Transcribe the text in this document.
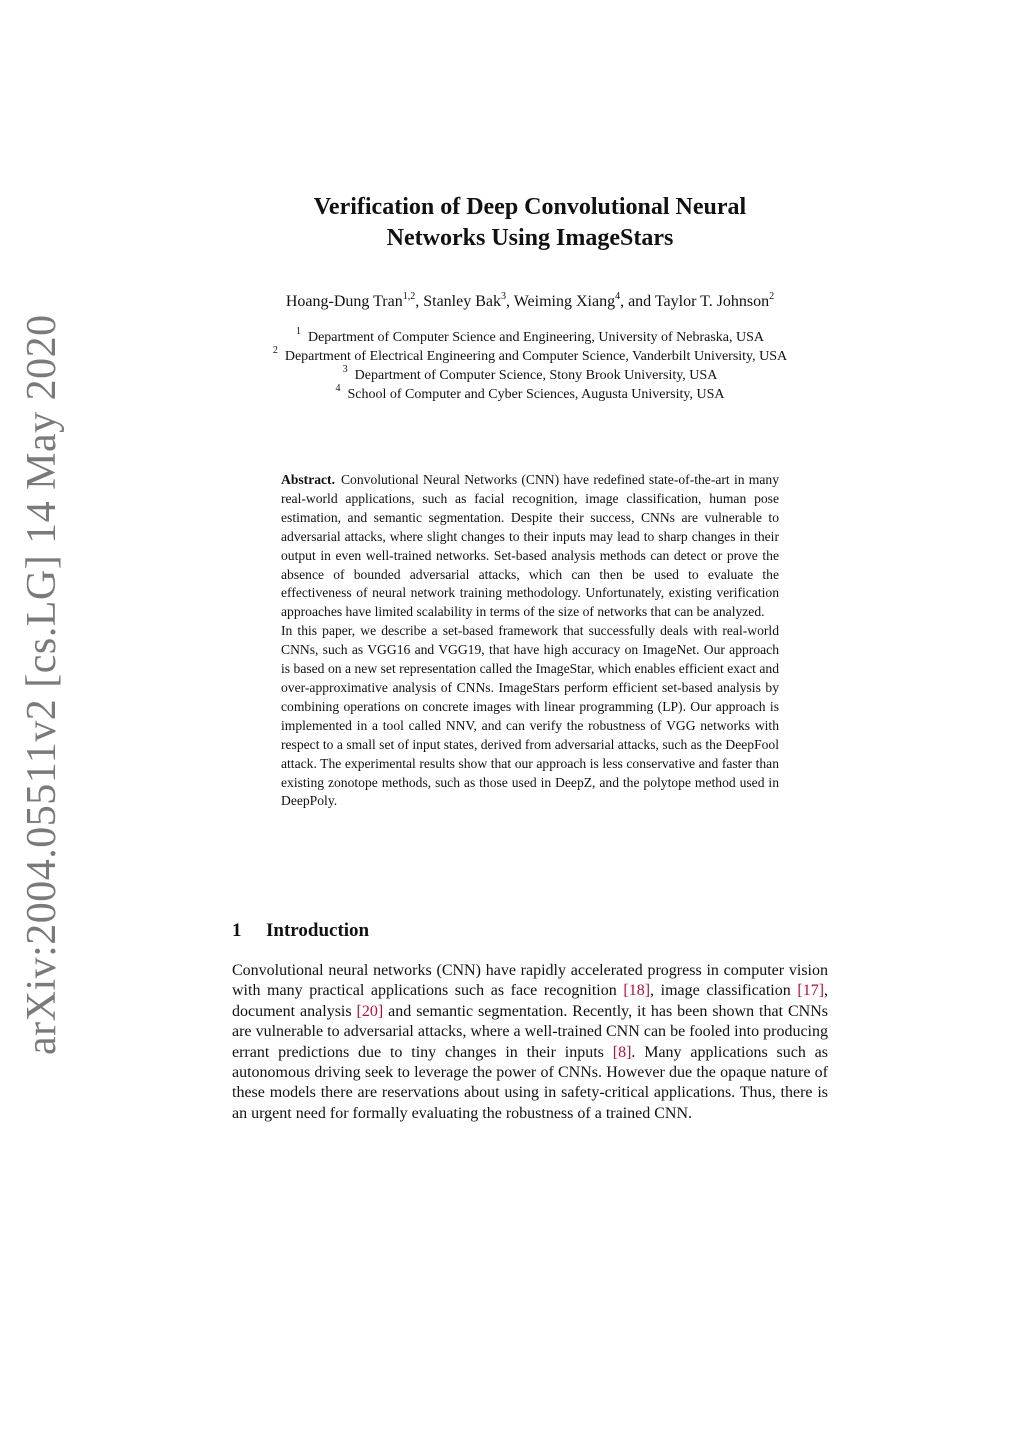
arXiv:2004.05511v2 [cs.LG] 14 May 2020
Verification of Deep Convolutional Neural
Networks Using ImageStars
Hoang-Dung Tran$^{1,2}$, Stanley Bak$^3$, Weiming Xiang$^4$, and Taylor T. Johnson$^2$
$^1$ Department of Computer Science and Engineering, University of Nebraska, USA
$^2$ Department of Electrical Engineering and Computer Science, Vanderbilt University, USA
$^3$ Department of Computer Science, Stony Brook University, USA
$^4$ School of Computer and Cyber Sciences, Augusta University, USA

Abstract. Convolutional Neural Networks (CNN) have redefined state-of-the-art in many real-world applications, such as facial recognition, image classification, human pose estimation, and semantic segmentation. Despite their success, CNNs are vulnerable to adversarial attacks, where slight changes to their inputs may lead to sharp changes in their output in even well-trained networks. Set-based analysis methods can detect or prove the absence of bounded adversarial attacks, which can then be used to evaluate the effectiveness of neural network training methodology. Unfortunately, existing verification approaches have limited scalability in terms of the size of networks that can be analyzed.

In this paper, we describe a set-based framework that successfully deals with real-world CNNs, such as VGG16 and VGG19, that have high accuracy on ImageNet. Our approach is based on a new set representation called the ImageStar, which enables efficient exact and over-approximative analysis of CNNs. ImageStars perform efficient set-based analysis by combining operations on concrete images with linear programming (LP). Our approach is implemented in a tool called NNV, and can verify the robustness of VGG networks with respect to a small set of input states, derived from adversarial attacks, such as the DeepFool attack. The experimental results show that our approach is less conservative and faster than existing zonotope methods, such as those used in DeepZ, and the polytope method used in DeepPoly.

1 Introduction

Convolutional neural networks (CNN) have rapidly accelerated progress in computer vision with many practical applications such as face recognition [18], image classification [17], document analysis [20] and semantic segmentation. Recently, it has been shown that CNNs are vulnerable to adversarial attacks, where a well-trained CNN can be fooled into producing errant predictions due to tiny changes in their inputs [8]. Many applications such as autonomous driving seek to leverage the power of CNNs. However due the opaque nature of these models there are reservations about using in safety-critical applications. Thus, there is an urgent need for formally evaluating the robustness of a trained CNN.
